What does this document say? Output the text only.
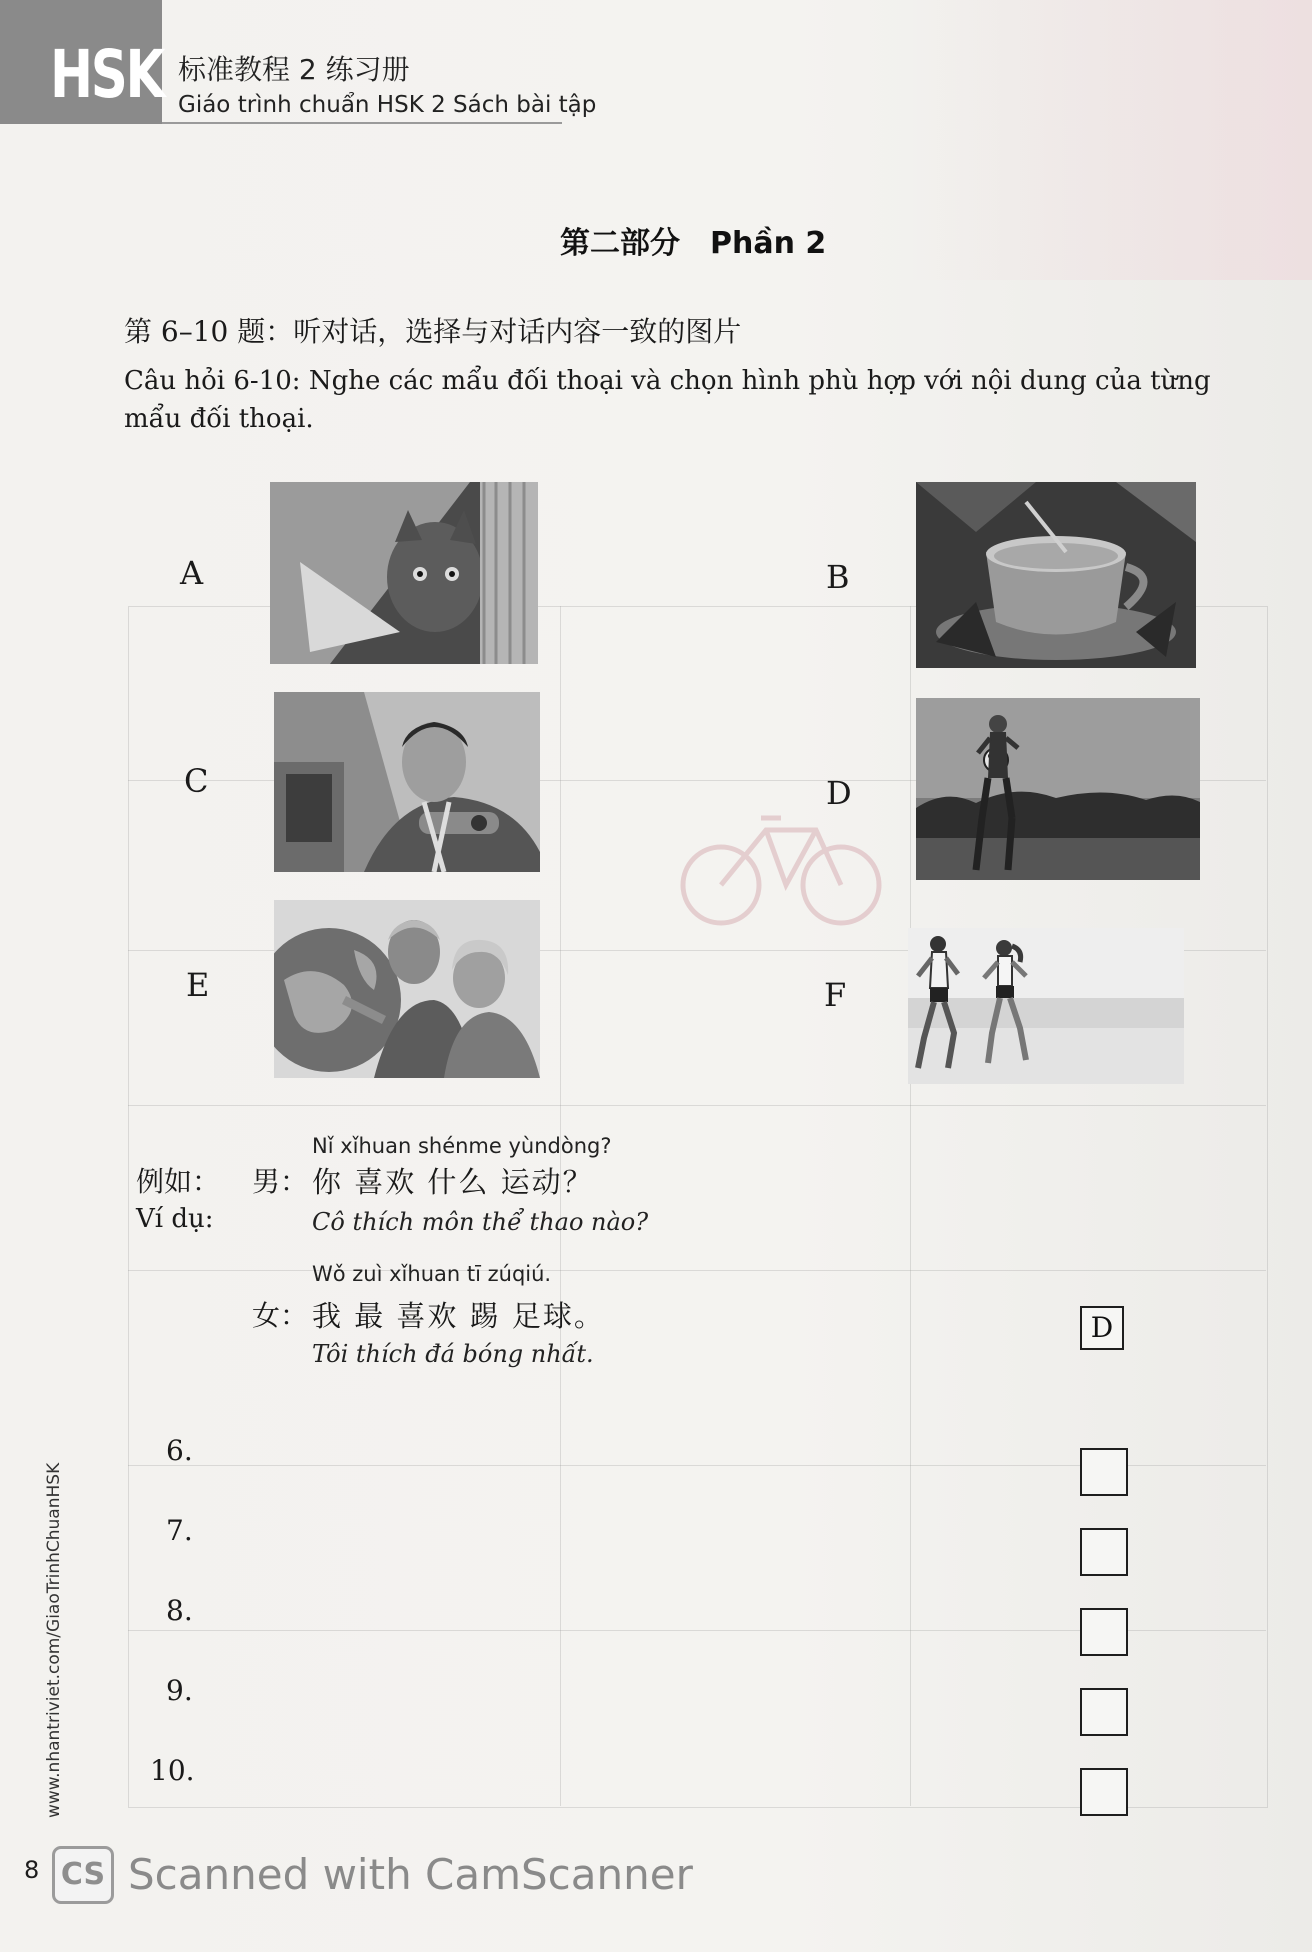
HSK 标准教程 2 练习册
Giáo trình chuẩn HSK 2 Sách bài tập
第二部分　Phần 2
第 6–10 题：听对话，选择与对话内容一致的图片
Câu hỏi 6-10: Nghe các mẩu đối thoại và chọn hình phù hợp với nội dung của từng mẩu đối thoại.
A	B
C	D
E	F
例如：
Ví dụ:
男：
Nǐ xǐhuan shénme yùndòng?
你 喜欢 什么 运动？
Cô thích môn thể thao nào?
Wǒ zuì xǐhuan tī zúqiú.
女： 我 最 喜欢 踢 足球。
Tôi thích đá bóng nhất.
D
6.
7.
8.
9.
10.
www.nhantriviet.com/GiaoTrinhChuanHSK
8 CS Scanned with CamScanner
